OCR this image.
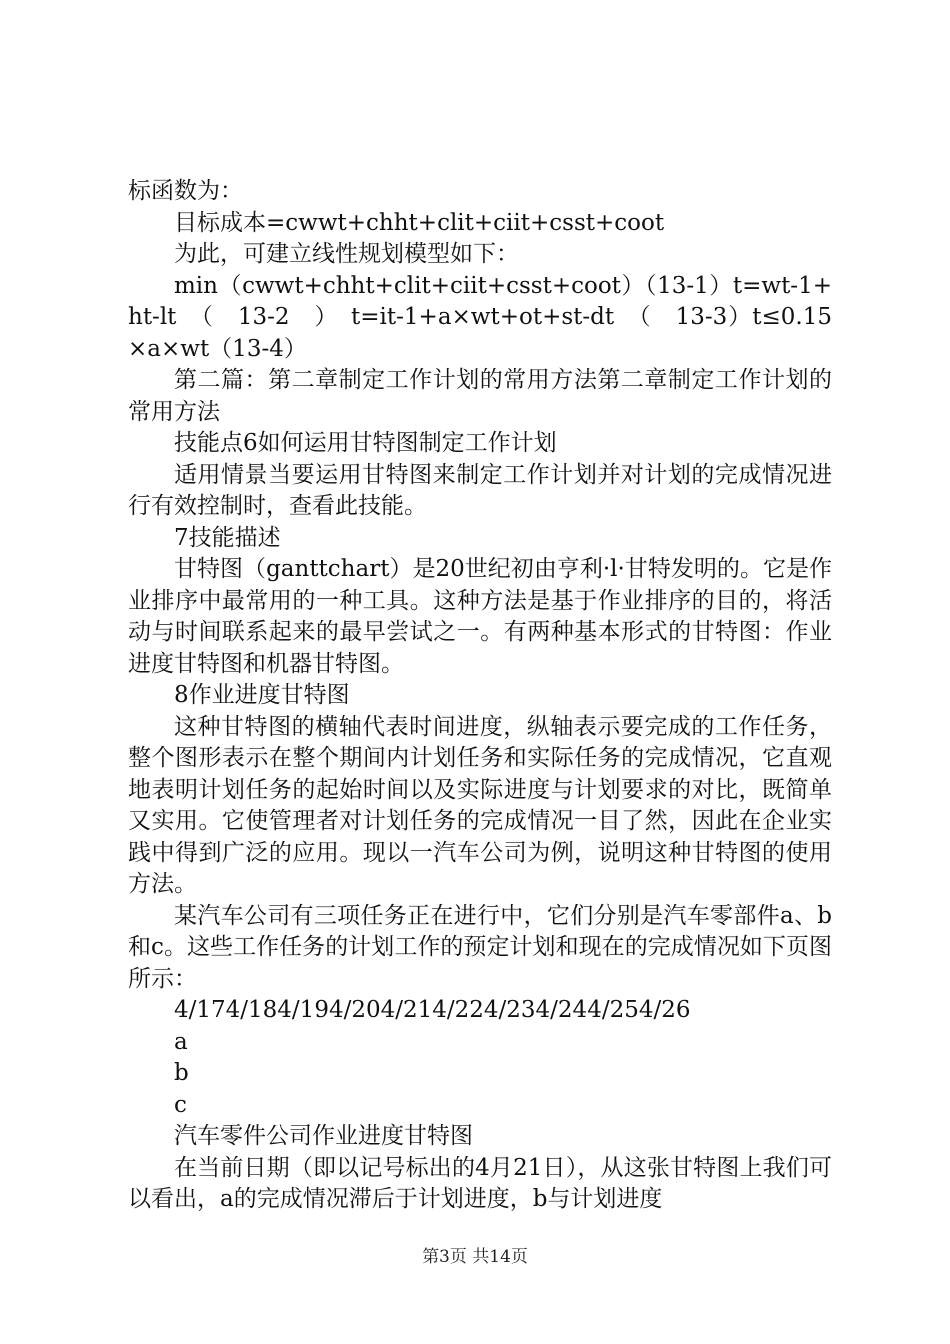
标函数为：

目标成本=cwwt+chht+clit+ciit+csst+coot

为此，可建立线性规划模型如下：

min（cwwt+chht+clit+ciit+csst+coot）（13-1）t=wt-1+ht-lt　（　13-2　）　t=it-1+a×wt+ot+st-dt　（　13-3）t≤0.15×a×wt（13-4）

第二篇：第二章制定工作计划的常用方法第二章制定工作计划的常用方法

技能点6如何运用甘特图制定工作计划

适用情景当要运用甘特图来制定工作计划并对计划的完成情况进行有效控制时，查看此技能。

7技能描述

甘特图（ganttchart）是20世纪初由亨利·l·甘特发明的。它是作业排序中最常用的一种工具。这种方法是基于作业排序的目的，将活动与时间联系起来的最早尝试之一。有两种基本形式的甘特图：作业进度甘特图和机器甘特图。

8作业进度甘特图

这种甘特图的横轴代表时间进度，纵轴表示要完成的工作任务，整个图形表示在整个期间内计划任务和实际任务的完成情况，它直观地表明计划任务的起始时间以及实际进度与计划要求的对比，既简单又实用。它使管理者对计划任务的完成情况一目了然，因此在企业实践中得到广泛的应用。现以一汽车公司为例，说明这种甘特图的使用方法。

某汽车公司有三项任务正在进行中，它们分别是汽车零部件a、b和c。这些工作任务的计划工作的预定计划和现在的完成情况如下页图所示：

4/174/184/194/204/214/224/234/244/254/26

a

b

c

汽车零件公司作业进度甘特图

在当前日期（即以记号标出的4月21日），从这张甘特图上我们可以看出，a的完成情况滞后于计划进度，b与计划进度

第3页 共14页
